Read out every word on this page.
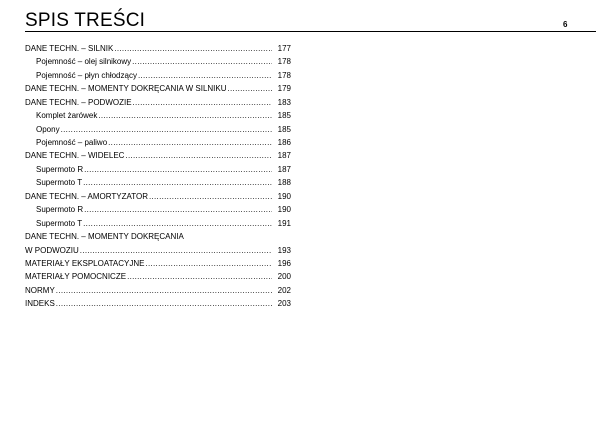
SPIS TREŚCI	6
DANE TECHN. – SILNIK .....	177
Pojemność – olej silnikowy .....	178
Pojemność – płyn chłodzący .....	178
DANE TECHN. – MOMENTY DOKRĘCANIA W SILNIKU .....	179
DANE TECHN. – PODWOZIE .....	183
Komplet żarówek .....	185
Opony .....	185
Pojemność – paliwo .....	186
DANE TECHN. – WIDELEC .....	187
Supermoto R .....	187
Supermoto T .....	188
DANE TECHN. – AMORTYZATOR .....	190
Supermoto R .....	190
Supermoto T .....	191
DANE TECHN. – MOMENTY DOKRĘCANIA
W PODWOZIU .....	193
MATERIAŁY EKSPLOATACYJNE .....	196
MATERIAŁY POMOCNICZE .....	200
NORMY .....	202
INDEKS .....	203
